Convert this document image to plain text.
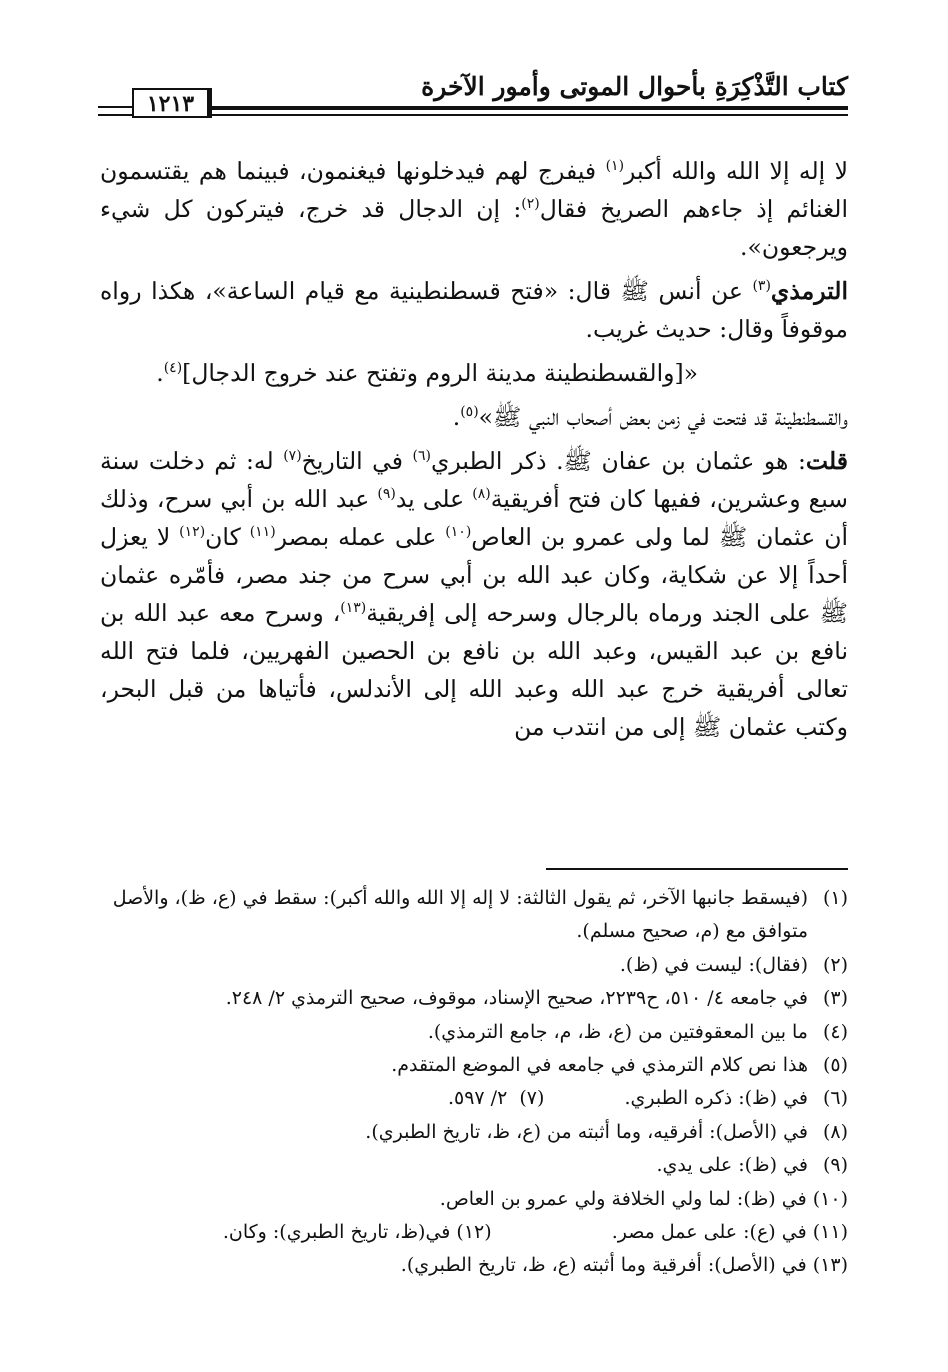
كتاب التَّذْكِرَةِ بأحوال الموتى وأمور الآخرة
١٢١٣

لا إله إلا الله والله أكبر$^{(١)}$ فيفرج لهم فيدخلونها فيغنمون، فبينما هم يقتسمون الغنائم إذ جاءهم الصريخ فقال$^{(٢)}$: إن الدجال قد خرج، فيتركون كل شيء ويرجعون».

الترمذي$^{(٣)}$ عن أنس ﷺ قال: «فتح قسطنطينية مع قيام الساعة»، هكذا رواه موقوفاً وقال: حديث غريب.

«[والقسطنطينة مدينة الروم وتفتح عند خروج الدجال]$^{(٤)}$.

والقسطنطينة قد فتحت في زمن بعض أصحاب النبي ﷺ»$^{(٥)}$.

قلت: هو عثمان بن عفان ﷺ. ذكر الطبري$^{(٦)}$ في التاريخ$^{(٧)}$ له: ثم دخلت سنة سبع وعشرين، ففيها كان فتح أفريقية$^{(٨)}$ على يد$^{(٩)}$ عبد الله بن أبي سرح، وذلك أن عثمان ﷺ لما ولى عمرو بن العاص$^{(١٠)}$ على عمله بمصر$^{(١١)}$ كان$^{(١٢)}$ لا يعزل أحداً إلا عن شكاية، وكان عبد الله بن أبي سرح من جند مصر، فأمّره عثمان ﷺ على الجند ورماه بالرجال وسرحه إلى إفريقية$^{(١٣)}$، وسرح معه عبد الله بن نافع بن عبد القيس، وعبد الله بن نافع بن الحصين الفهريين، فلما فتح الله تعالى أفريقية خرج عبد الله وعبد الله إلى الأندلس، فأتياها من قبل البحر، وكتب عثمان ﷺ إلى من انتدب من

(١)
(فيسقط جانبها الآخر، ثم يقول الثالثة: لا إله إلا الله والله أكبر): سقط في (ع، ظ)، والأصل متوافق مع (م، صحيح مسلم).
(٢)
(فقال): ليست في (ظ).
(٣)
في جامعه ٤/ ٥١٠، ح٢٢٣٩، صحيح الإسناد، موقوف، صحيح الترمذي ٢/ ٢٤٨.
(٤)
ما بين المعقوفتين من (ع، ظ، م، جامع الترمذي).
(٥)
هذا نص كلام الترمذي في جامعه في الموضع المتقدم.
(٦)
في (ظ): ذكره الطبري.(٧)  ٢/ ٥٩٧.
(٨)
في (الأصل): أفرقيه، وما أثبته من (ع، ظ، تاريخ الطبري).
(٩)
في (ظ): على يدي.
(١٠) في (ظ): لما ولي الخلافة ولي عمرو بن العاص.
(١١) في (ع): على عمل مصر.(١٢) في(ظ، تاريخ الطبري): وكان.
(١٣) في (الأصل): أفرقية وما أثبته (ع، ظ، تاريخ الطبري).
